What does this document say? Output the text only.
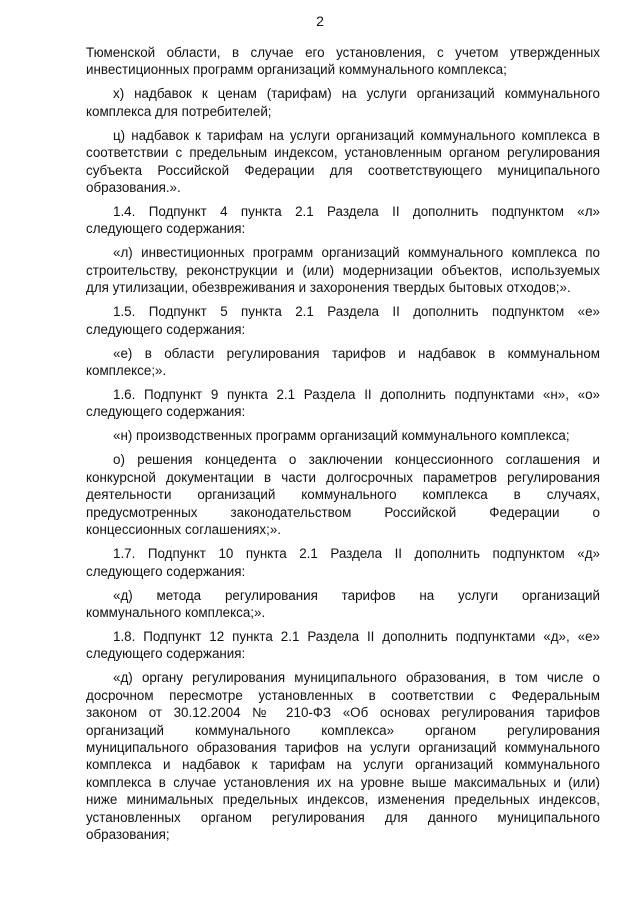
2
Тюменской области, в случае его установления, с учетом утвержденных
инвестиционных программ организаций коммунального комплекса;
х) надбавок к ценам (тарифам) на услуги организаций коммунального
комплекса для потребителей;
ц) надбавок к тарифам на услуги организаций коммунального комплекса в
соответствии с предельным индексом, установленным органом регулирования
субъекта Российской Федерации для соответствующего муниципального
образования.».
1.4. Подпункт 4 пункта 2.1 Раздела II дополнить подпунктом «л»
следующего содержания:
«л) инвестиционных программ организаций коммунального комплекса по
строительству, реконструкции и (или) модернизации объектов, используемых
для утилизации, обезвреживания и захоронения твердых бытовых отходов;».
1.5. Подпункт 5 пункта 2.1 Раздела II дополнить подпунктом «е»
следующего содержания:
«е) в области регулирования тарифов и надбавок в коммунальном
комплексе;».
1.6. Подпункт 9 пункта 2.1 Раздела II дополнить подпунктами «н», «о»
следующего содержания:
«н) производственных программ организаций коммунального комплекса;
о) решения концедента о заключении концессионного соглашения и
конкурсной документации в части долгосрочных параметров регулирования
деятельности организаций коммунального комплекса в случаях,
предусмотренных законодательством Российской Федерации о
концессионных соглашениях;».
1.7. Подпункт 10 пункта 2.1 Раздела II дополнить подпунктом «д»
следующего содержания:
«д) метода регулирования тарифов на услуги организаций
коммунального комплекса;».
1.8. Подпункт 12 пункта 2.1 Раздела II дополнить подпунктами «д», «е»
следующего содержания:
«д) органу регулирования муниципального образования, в том числе о
досрочном пересмотре установленных в соответствии с Федеральным
законом от 30.12.2004 № 210-ФЗ «Об основах регулирования тарифов
организаций коммунального комплекса» органом регулирования
муниципального образования тарифов на услуги организаций коммунального
комплекса и надбавок к тарифам на услуги организаций коммунального
комплекса в случае установления их на уровне выше максимальных и (или)
ниже минимальных предельных индексов, изменения предельных индексов,
установленных органом регулирования для данного муниципального
образования;
